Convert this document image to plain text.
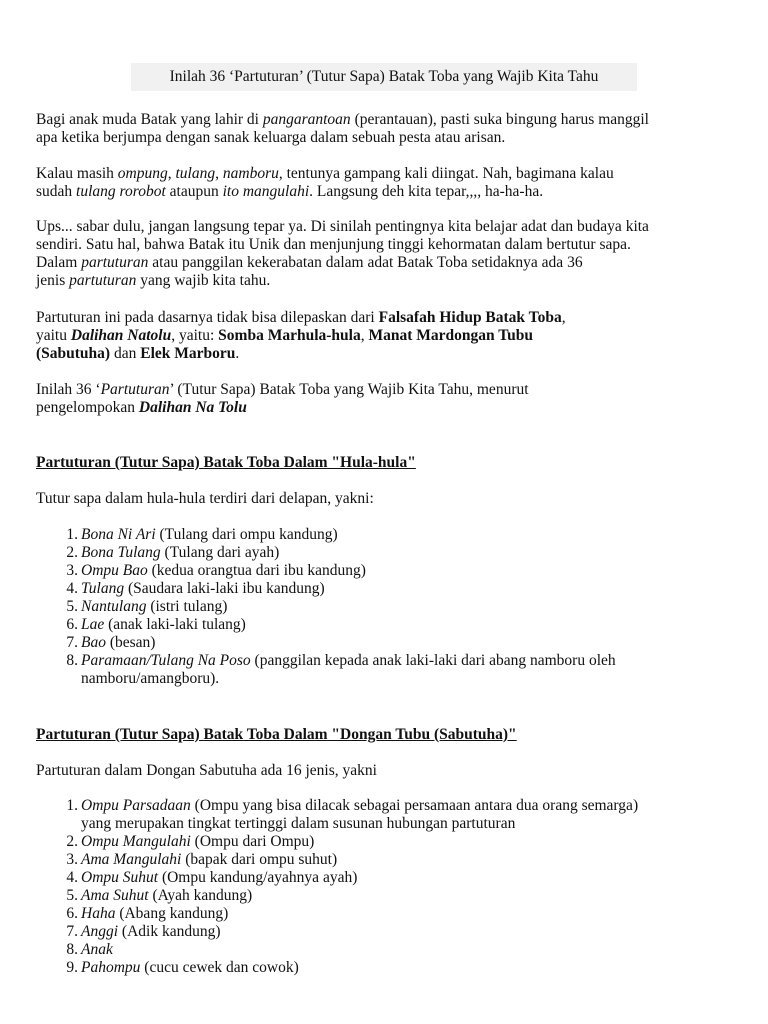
Inilah 36 ‘Partuturan’ (Tutur Sapa) Batak Toba yang Wajib Kita Tahu
Bagi anak muda Batak yang lahir di pangarantoan (perantauan), pasti suka bingung harus manggil
apa ketika berjumpa dengan sanak keluarga dalam sebuah pesta atau arisan.
Kalau masih ompung, tulang, namboru, tentunya gampang kali diingat. Nah, bagimana kalau
sudah tulang rorobot ataupun ito mangulahi. Langsung deh kita tepar,,,, ha-ha-ha.
Ups... sabar dulu, jangan langsung tepar ya. Di sinilah pentingnya kita belajar adat dan budaya kita
sendiri. Satu hal, bahwa Batak itu Unik dan menjunjung tinggi kehormatan dalam bertutur sapa.
Dalam partuturan atau panggilan kekerabatan dalam adat Batak Toba setidaknya ada 36
jenis partuturan yang wajib kita tahu.
Partuturan ini pada dasarnya tidak bisa dilepaskan dari Falsafah Hidup Batak Toba,
yaitu Dalihan Natolu, yaitu: Somba Marhula-hula, Manat Mardongan Tubu
(Sabutuha) dan Elek Marboru.
Inilah 36 ‘Partuturan’ (Tutur Sapa) Batak Toba yang Wajib Kita Tahu, menurut
pengelompokan Dalihan Na Tolu
Partuturan (Tutur Sapa) Batak Toba Dalam "Hula-hula"
Tutur sapa dalam hula-hula terdiri dari delapan, yakni:
1. Bona Ni Ari (Tulang dari ompu kandung)
2. Bona Tulang (Tulang dari ayah)
3. Ompu Bao (kedua orangtua dari ibu kandung)
4. Tulang (Saudara laki-laki ibu kandung)
5. Nantulang (istri tulang)
6. Lae (anak laki-laki tulang)
7. Bao (besan)
8. Paramaan/Tulang Na Poso (panggilan kepada anak laki-laki dari abang namboru oleh
namboru/amangboru).
Partuturan (Tutur Sapa) Batak Toba Dalam "Dongan Tubu (Sabutuha)"
Partuturan dalam Dongan Sabutuha ada 16 jenis, yakni
1. Ompu Parsadaan (Ompu yang bisa dilacak sebagai persamaan antara dua orang semarga)
yang merupakan tingkat tertinggi dalam susunan hubungan partuturan
2. Ompu Mangulahi (Ompu dari Ompu)
3. Ama Mangulahi (bapak dari ompu suhut)
4. Ompu Suhut (Ompu kandung/ayahnya ayah)
5. Ama Suhut (Ayah kandung)
6. Haha (Abang kandung)
7. Anggi (Adik kandung)
8. Anak
9. Pahompu (cucu cewek dan cowok)
